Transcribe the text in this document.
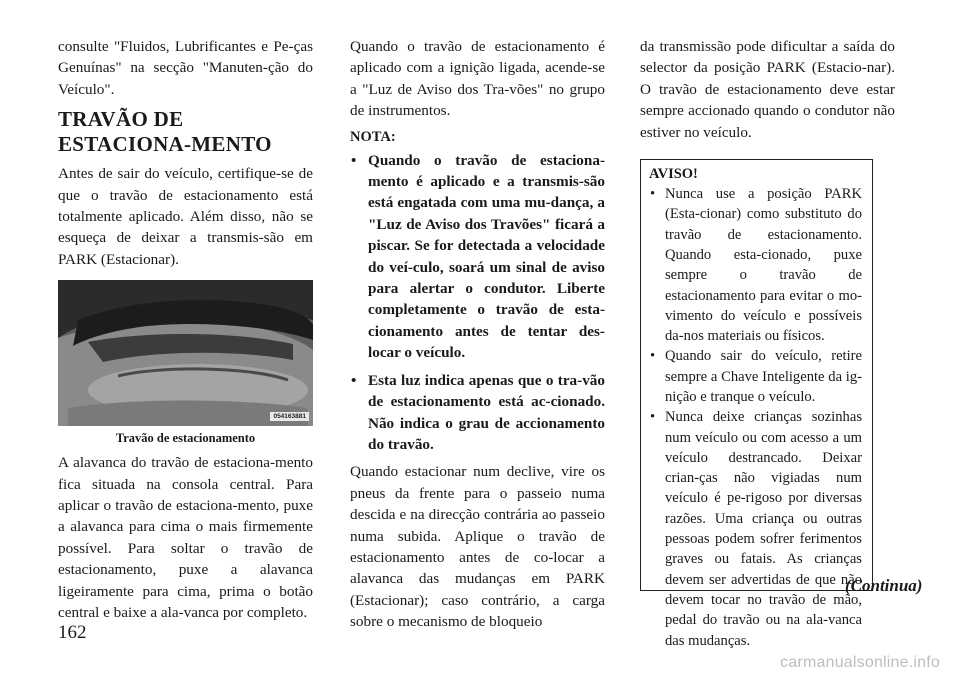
consulte "Fluidos, Lubrificantes e Pe-ças Genuínas" na secção "Manuten-ção do Veículo".

TRAVÃO DE ESTACIONA-MENTO

Antes de sair do veículo, certifique-se de que o travão de estacionamento está totalmente aplicado. Além disso, não se esqueça de deixar a transmis-são em PARK (Estacionar).

054163881
Travão de estacionamento

A alavanca do travão de estaciona-mento fica situada na consola central. Para aplicar o travão de estaciona-mento, puxe a alavanca para cima o mais firmemente possível. Para soltar o travão de estacionamento, puxe a alavanca ligeiramente para cima, prima o botão central e baixe a ala-vanca por completo.

Quando o travão de estacionamento é aplicado com a ignição ligada, acende-se a "Luz de Aviso dos Tra-vões" no grupo de instrumentos.

NOTA:
• Quando o travão de estaciona-mento é aplicado e a transmis-são está engatada com uma mu-dança, a "Luz de Aviso dos Travões" ficará a piscar. Se for detectada a velocidade do veí-culo, soará um sinal de aviso para alertar o condutor. Liberte completamente o travão de esta-cionamento antes de tentar des-locar o veículo.
• Esta luz indica apenas que o tra-vão de estacionamento está ac-cionado. Não indica o grau de accionamento do travão.

Quando estacionar num declive, vire os pneus da frente para o passeio numa descida e na direcção contrária ao passeio numa subida. Aplique o travão de estacionamento antes de co-locar a alavanca das mudanças em PARK (Estacionar); caso contrário, a carga sobre o mecanismo de bloqueio

da transmissão pode dificultar a saída do selector da posição PARK (Estacio-nar). O travão de estacionamento deve estar sempre accionado quando o condutor não estiver no veículo.

AVISO!
• Nunca use a posição PARK (Esta-cionar) como substituto do travão de estacionamento. Quando esta-cionado, puxe sempre o travão de estacionamento para evitar o mo-vimento do veículo e possíveis da-nos materiais ou físicos.
• Quando sair do veículo, retire sempre a Chave Inteligente da ig-nição e tranque o veículo.
• Nunca deixe crianças sozinhas num veículo ou com acesso a um veículo destrancado. Deixar crian-ças não vigiadas num veículo é pe-rigoso por diversas razões. Uma criança ou outras pessoas podem sofrer ferimentos graves ou fatais. As crianças devem ser advertidas de que não devem tocar no travão de mão, pedal do travão ou na ala-vanca das mudanças.
(Continua)
162
carmanualsonline.info
